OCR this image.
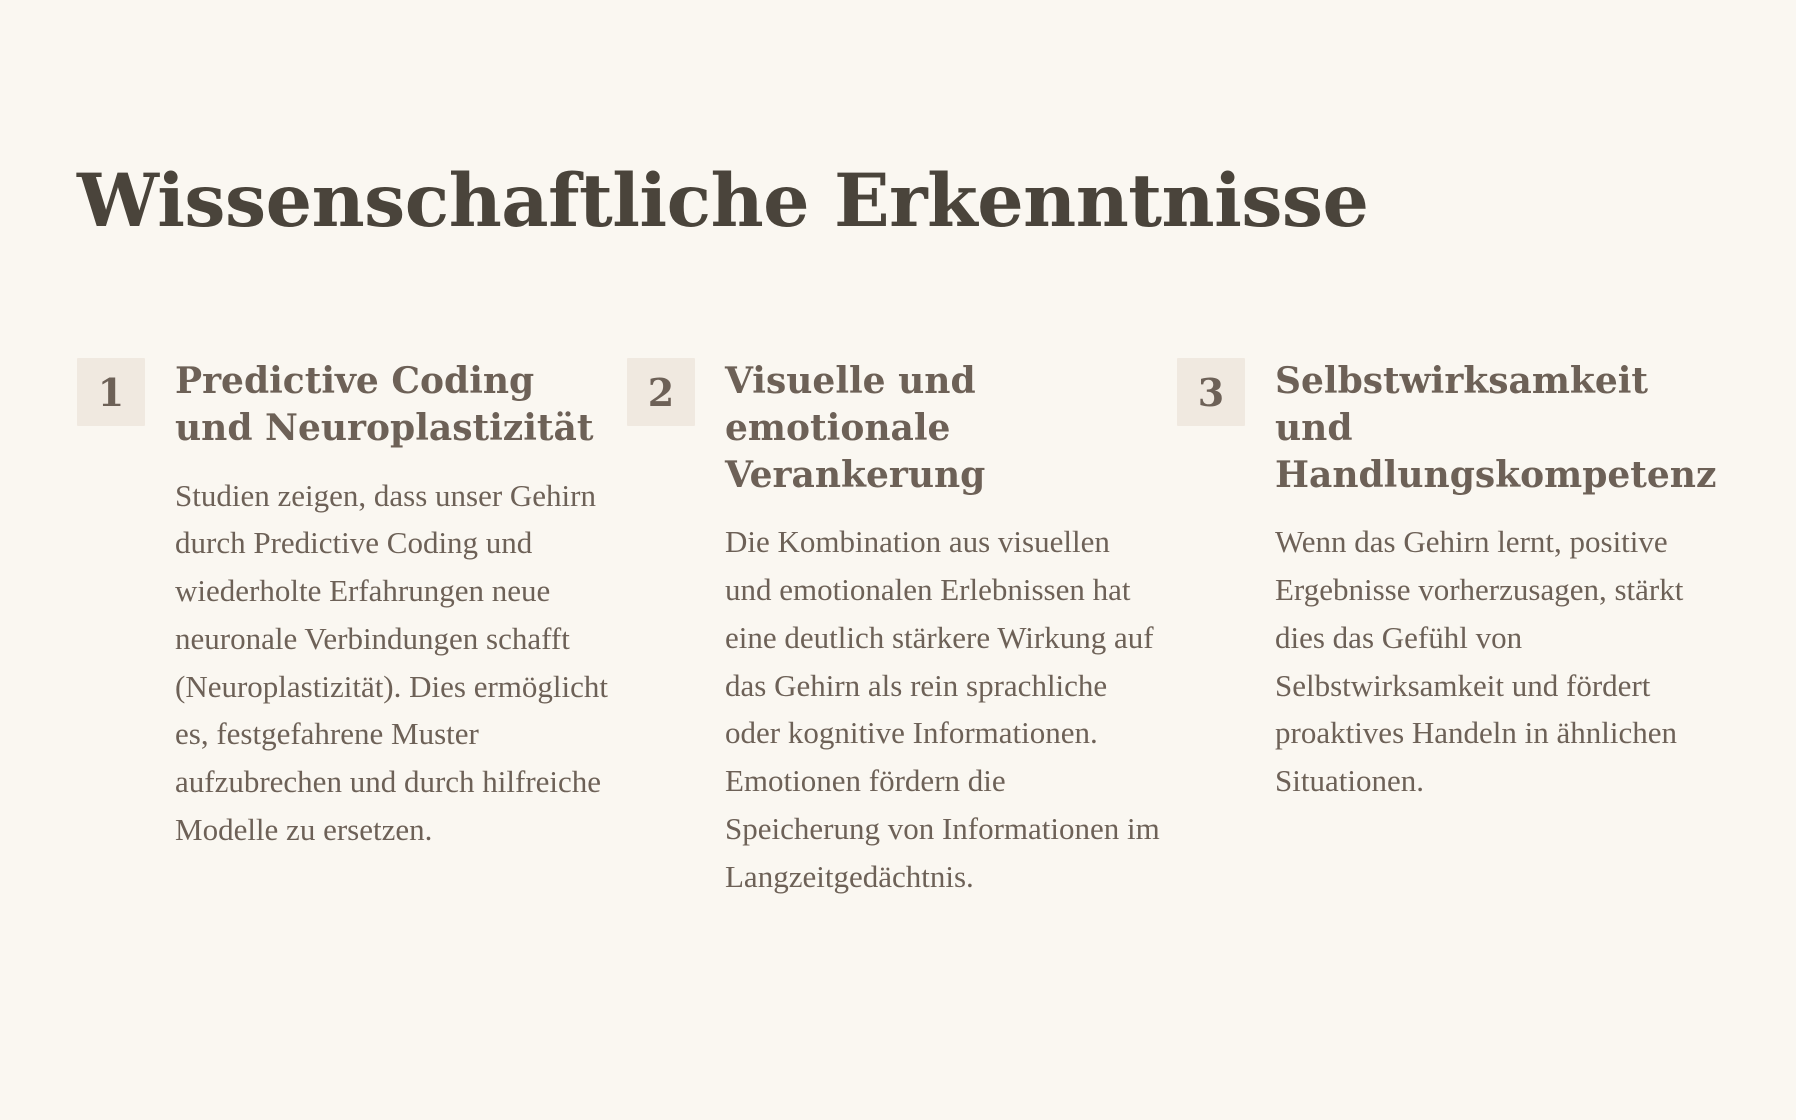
Wissenschaftliche Erkenntnisse
1	Predictive Coding und Neuroplastizität

Studien zeigen, dass unser Gehirn durch Predictive Coding und wiederholte Erfahrungen neue neuronale Verbindungen schafft (Neuroplastizität). Dies ermöglicht es, festgefahrene Muster aufzubrechen und durch hilfreiche Modelle zu ersetzen.

2	Visuelle und emotionale Verankerung

Die Kombination aus visuellen und emotionalen Erlebnissen hat eine deutlich stärkere Wirkung auf das Gehirn als rein sprachliche oder kognitive Informationen. Emotionen fördern die Speicherung von Informationen im Langzeitgedächtnis.

3	Selbstwirksamkeit und Handlungskompetenz

Wenn das Gehirn lernt, positive Ergebnisse vorherzusagen, stärkt dies das Gefühl von Selbstwirksamkeit und fördert proaktives Handeln in ähnlichen Situationen.
